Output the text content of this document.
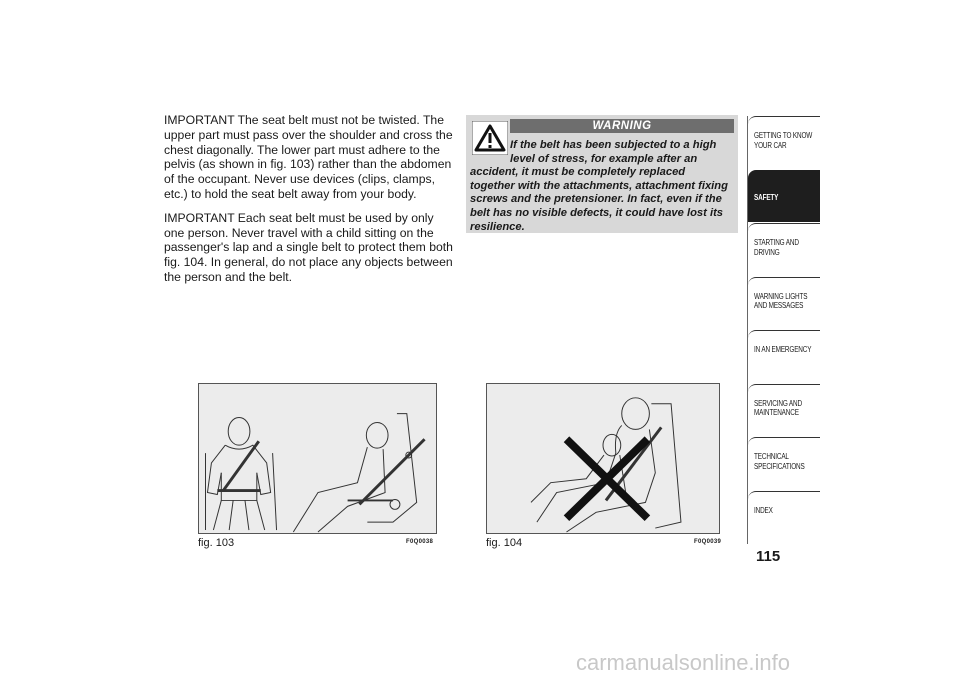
IMPORTANT The seat belt must not be twisted. The upper part must pass over the shoulder and cross the chest diagonally. The lower part must adhere to the pelvis (as shown in fig. 103) rather than the abdomen of the occupant. Never use devices (clips, clamps, etc.) to hold the seat belt away from your body.

IMPORTANT Each seat belt must be used by only one person. Never travel with a child sitting on the passenger's lap and a single belt to protect them both fig. 104. In general, do not place any objects between the person and the belt.

WARNING
If the belt has been subjected to a high level of stress, for example after an accident, it must be completely replaced together with the attachments, attachment fixing screws and the pretensioner. In fact, even if the belt has no visible defects, it could have lost its resilience.
fig. 103	F0Q0038	fig. 104	F0Q0039
GETTING TO KNOW
YOUR CAR
SAFETY
STARTING AND
DRIVING
WARNING LIGHTS
AND MESSAGES
IN AN EMERGENCY
SERVICING AND
MAINTENANCE
TECHNICAL
SPECIFICATIONS
INDEX
115
carmanualsonline.info
